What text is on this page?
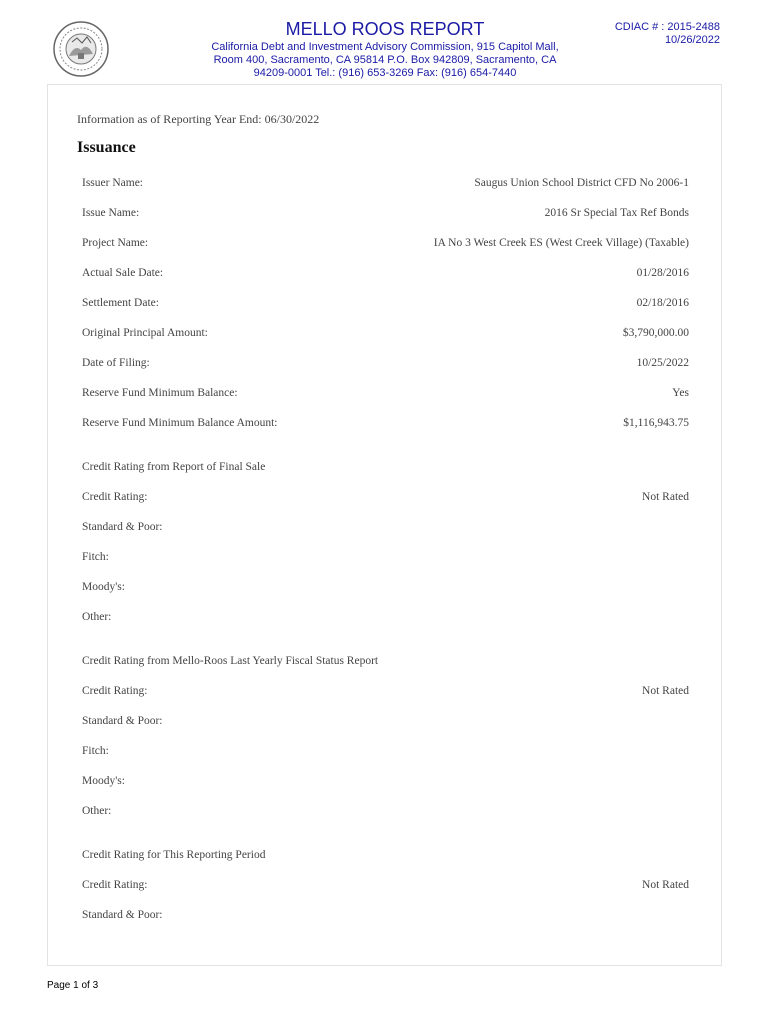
MELLO ROOS REPORT
California Debt and Investment Advisory Commission, 915 Capitol Mall,
Room 400, Sacramento, CA 95814 P.O. Box 942809, Sacramento, CA
94209-0001 Tel.: (916) 653-3269 Fax: (916) 654-7440
CDIAC # : 2015-2488
10/26/2022
Information as of Reporting Year End: 06/30/2022
Issuance
Issuer Name:	Saugus Union School District CFD No 2006-1
Issue Name:	2016 Sr Special Tax Ref Bonds
Project Name:	IA No 3 West Creek ES (West Creek Village) (Taxable)
Actual Sale Date:	01/28/2016
Settlement Date:	02/18/2016
Original Principal Amount:	$3,790,000.00
Date of Filing:	10/25/2022
Reserve Fund Minimum Balance:	Yes
Reserve Fund Minimum Balance Amount:	$1,116,943.75
Credit Rating from Report of Final Sale
Credit Rating:	Not Rated
Standard & Poor:
Fitch:
Moody's:
Other:
Credit Rating from Mello-Roos Last Yearly Fiscal Status Report
Credit Rating:	Not Rated
Standard & Poor:
Fitch:
Moody's:
Other:
Credit Rating for This Reporting Period
Credit Rating:	Not Rated
Standard & Poor:
Page 1 of 3
